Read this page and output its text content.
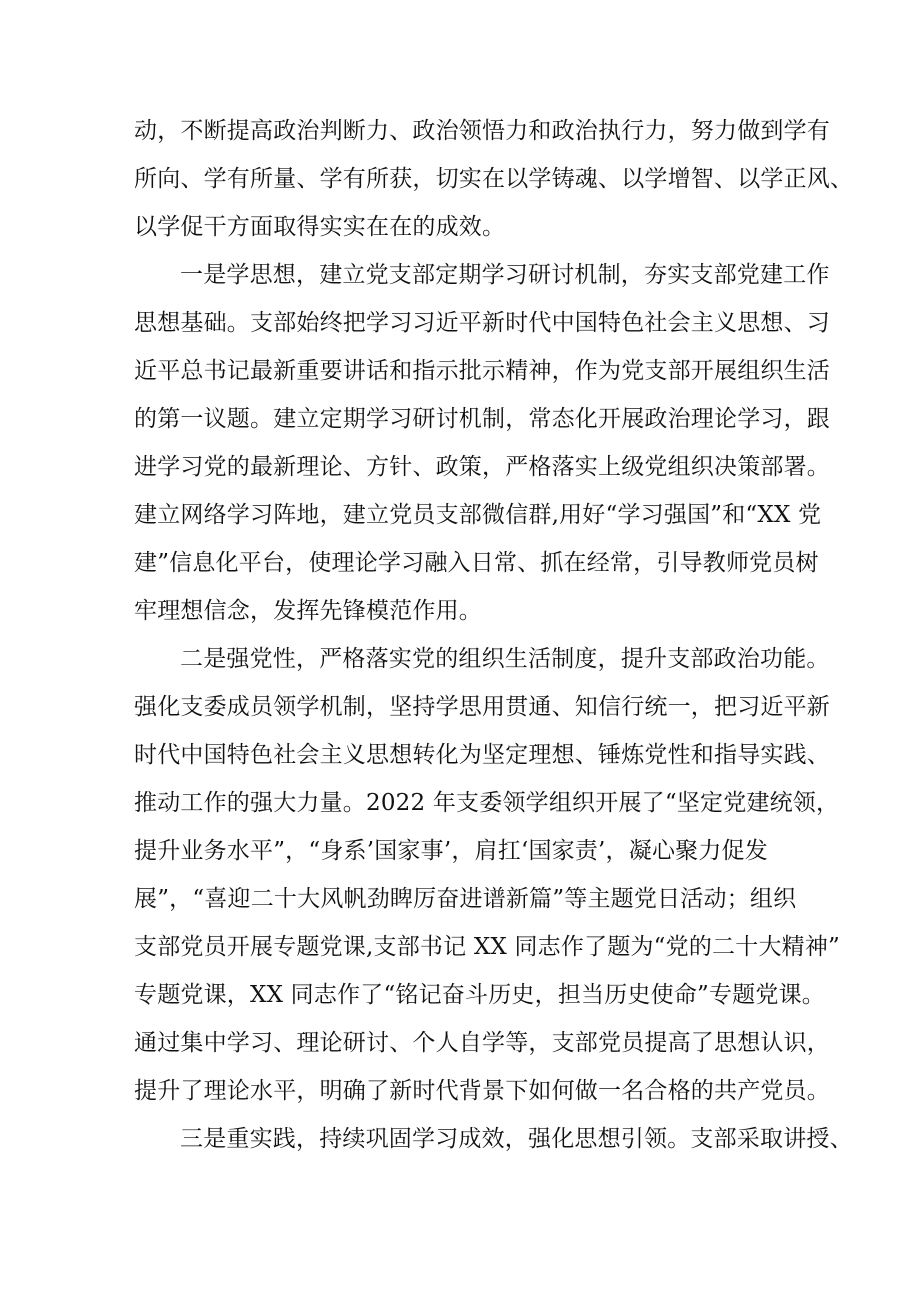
动，不断提高政治判断力、政治领悟力和政治执行力，努力做到学有
所向、学有所量、学有所获，切实在以学铸魂、以学增智、以学正风、
以学促干方面取得实实在在的成效。
一是学思想，建立党支部定期学习研讨机制，夯实支部党建工作
思想基础。支部始终把学习习近平新时代中国特色社会主义思想、习
近平总书记最新重要讲话和指示批示精神，作为党支部开展组织生活
的第一议题。建立定期学习研讨机制，常态化开展政治理论学习，跟
进学习党的最新理论、方针、政策，严格落实上级党组织决策部署。
建立网络学习阵地，建立党员支部微信群,用好“学习强国”和“XX 党
建”信息化平台，使理论学习融入日常、抓在经常，引导教师党员树
牢理想信念，发挥先锋模范作用。
二是强党性，严格落实党的组织生活制度，提升支部政治功能。
强化支委成员领学机制，坚持学思用贯通、知信行统一，把习近平新
时代中国特色社会主义思想转化为坚定理想、锤炼党性和指导实践、
推动工作的强大力量。2022 年支委领学组织开展了“坚定党建统领，
提升业务水平”，“身系’国家事’，肩扛‘国家责’，凝心聚力促发
展”，“喜迎二十大风帆劲睥厉奋进谱新篇”等主题党日活动；组织
支部党员开展专题党课,支部书记 XX 同志作了题为“党的二十大精神”
专题党课，XX 同志作了“铭记奋斗历史，担当历史使命”专题党课。
通过集中学习、理论研讨、个人自学等，支部党员提高了思想认识，
提升了理论水平，明确了新时代背景下如何做一名合格的共产党员。
三是重实践，持续巩固学习成效，强化思想引领。支部采取讲授、
